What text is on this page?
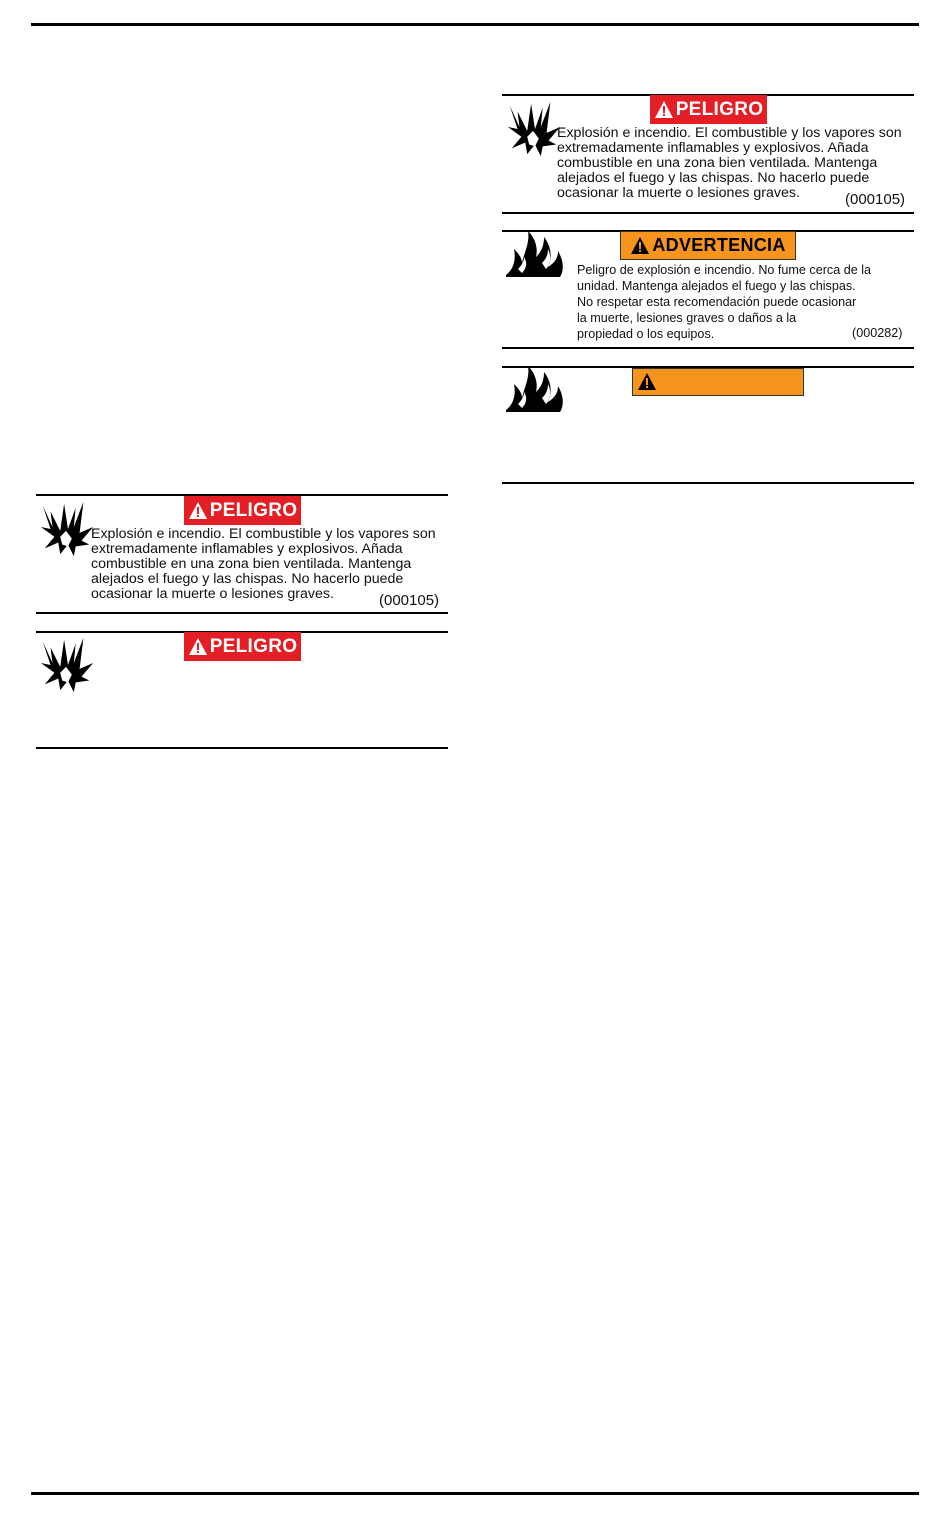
PELIGRO
Explosión e incendio. El combustible y los vapores son
extremadamente inflamables y explosivos. Añada
combustible en una zona bien ventilada. Mantenga
alejados el fuego y las chispas. No hacerlo puede
ocasionar la muerte o lesiones graves.	(000105)
ADVERTENCIA
Peligro de explosión e incendio. No fume cerca de la
unidad. Mantenga alejados el fuego y las chispas.
No respetar esta recomendación puede ocasionar
la muerte, lesiones graves o daños a la
propiedad o los equipos.	(000282)
PELIGRO
Explosión e incendio. El combustible y los vapores son
extremadamente inflamables y explosivos. Añada
combustible en una zona bien ventilada. Mantenga
alejados el fuego y las chispas. No hacerlo puede
ocasionar la muerte o lesiones graves.	(000105)
PELIGRO
